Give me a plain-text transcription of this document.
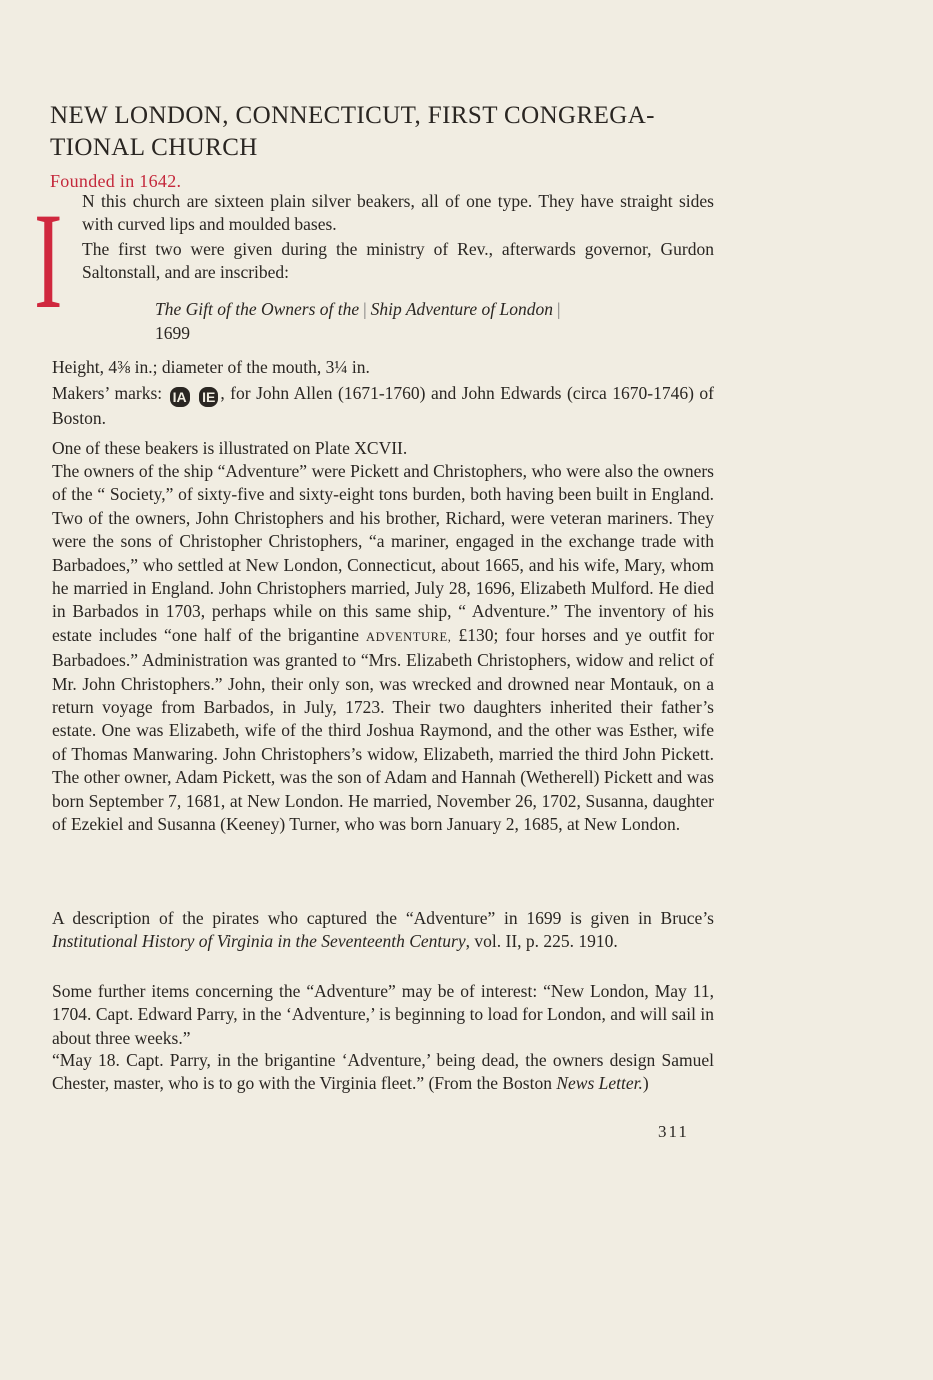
NEW LONDON, CONNECTICUT, FIRST CONGREGA- TIONAL CHURCH
Founded in 1642.
I N this church are sixteen plain silver beakers, all of one type. They have straight sides with curved lips and moulded bases.

The first two were given during the ministry of Rev., afterwards governor, Gurdon Saltonstall, and are inscribed:

The Gift of the Owners of the | Ship Adventure of London |
1699

Height, 4⅜ in.; diameter of the mouth, 3¼ in.

Makers’ marks: IA IE , for John Allen (1671-1760) and John Edwards (circa 1670-1746) of Boston.

One of these beakers is illustrated on Plate XCVII.

The owners of the ship “Adventure” were Pickett and Christophers, who were also the owners of the “ Society,” of sixty-five and sixty-eight tons burden, both having been built in England. Two of the owners, John Christophers and his brother, Richard, were veteran mariners. They were the sons of Christopher Christophers, “a mariner, engaged in the exchange trade with Barbadoes,” who settled at New London, Connecticut, about 1665, and his wife, Mary, whom he married in England. John Christophers married, July 28, 1696, Elizabeth Mulford. He died in Barbados in 1703, perhaps while on this same ship, “ Adventure.” The inventory of his estate includes “one half of the brigantine ADVENTURE, £130; four horses and ye outfit for Barbadoes.” Administration was granted to “Mrs. Elizabeth Christophers, widow and relict of Mr. John Christophers.” John, their only son, was wrecked and drowned near Montauk, on a return voyage from Barbados, in July, 1723. Their two daughters inherited their father’s estate. One was Elizabeth, wife of the third Joshua Raymond, and the other was Esther, wife of Thomas Manwaring. John Christophers’s widow, Elizabeth, married the third John Pickett. The other owner, Adam Pickett, was the son of Adam and Hannah (Wetherell) Pickett and was born September 7, 1681, at New London. He married, November 26, 1702, Susanna, daughter of Ezekiel and Susanna (Keeney) Turner, who was born January 2, 1685, at New London.

A description of the pirates who captured the “Adventure” in 1699 is given in Bruce’s Institutional History of Virginia in the Seventeenth Century, vol. II, p. 225. 1910.

Some further items concerning the “Adventure” may be of interest: “New London, May 11, 1704. Capt. Edward Parry, in the ‘Adventure,’ is beginning to load for London, and will sail in about three weeks.”

“May 18. Capt. Parry, in the brigantine ‘Adventure,’ being dead, the owners design Samuel Chester, master, who is to go with the Virginia fleet.” (From the Boston News Letter.)

311
